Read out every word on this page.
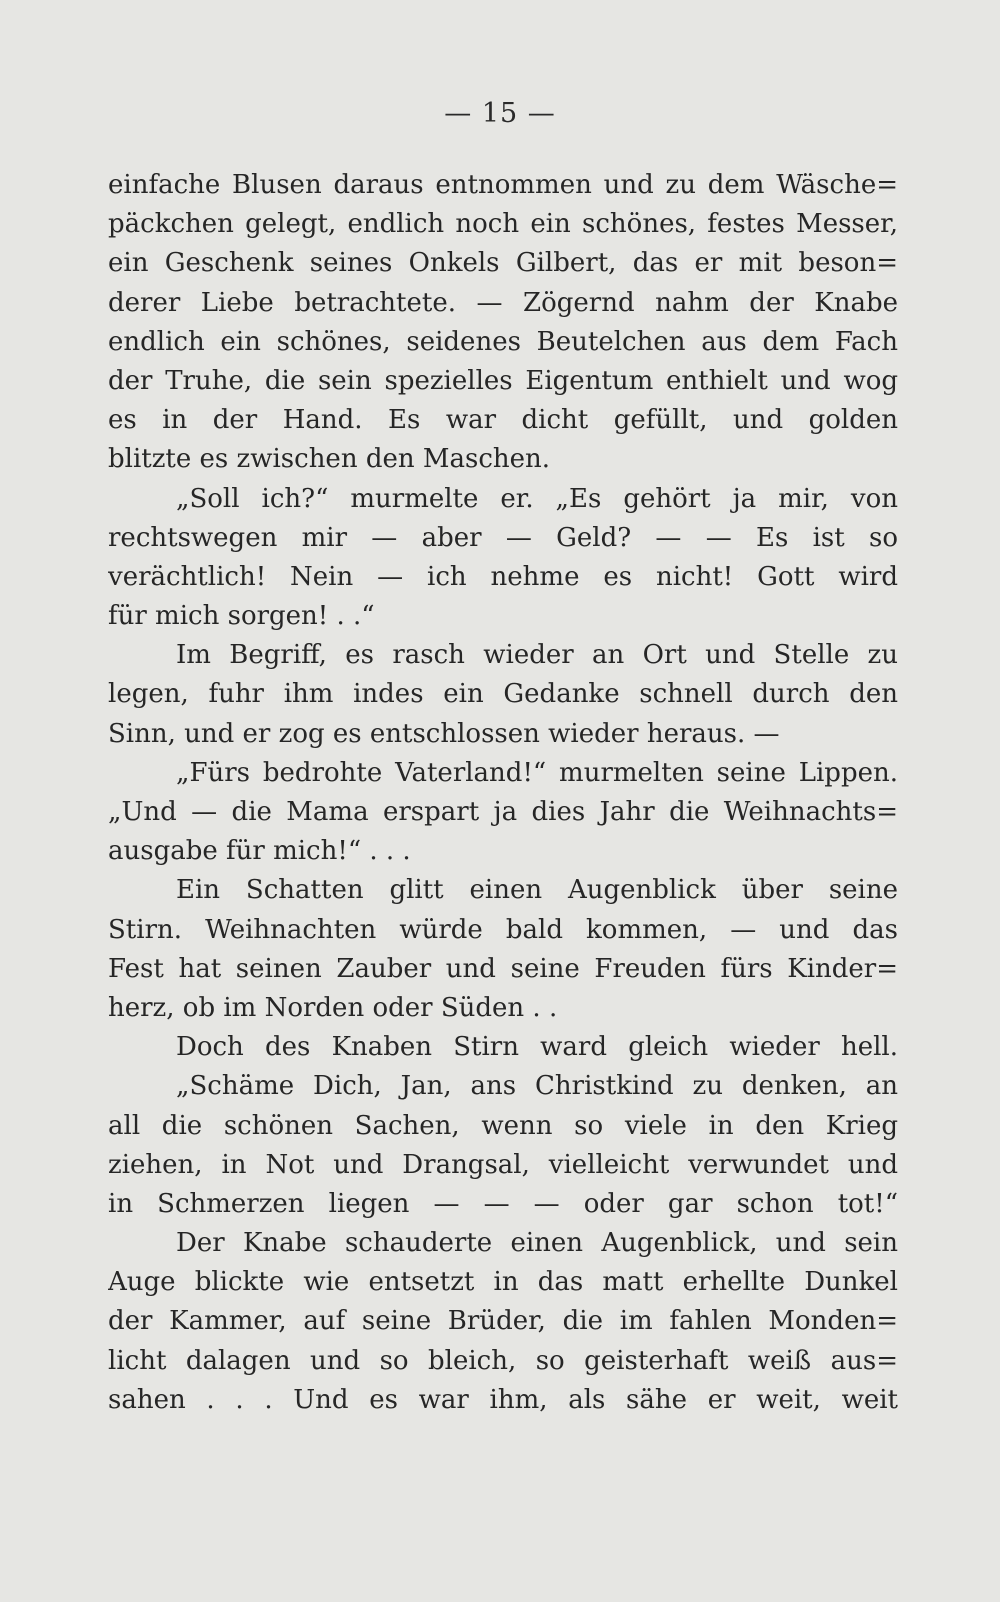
— 15 —
einfache Blusen daraus entnommen und zu dem Wäsche=
päckchen gelegt, endlich noch ein schönes, festes Messer,
ein Geschenk seines Onkels Gilbert, das er mit beson=
derer Liebe betrachtete. — Zögernd nahm der Knabe
endlich ein schönes, seidenes Beutelchen aus dem Fach
der Truhe, die sein spezielles Eigentum enthielt und wog
es in der Hand. Es war dicht gefüllt, und golden
blitzte es zwischen den Maschen.
„Soll ich?“ murmelte er. „Es gehört ja mir, von
rechtswegen mir — aber — Geld? — — Es ist so
verächtlich! Nein — ich nehme es nicht! Gott wird
für mich sorgen! . .“
Im Begriff, es rasch wieder an Ort und Stelle zu
legen, fuhr ihm indes ein Gedanke schnell durch den
Sinn, und er zog es entschlossen wieder heraus. —
„Fürs bedrohte Vaterland!“ murmelten seine Lippen.
„Und — die Mama erspart ja dies Jahr die Weihnachts=
ausgabe für mich!“ . . .
Ein Schatten glitt einen Augenblick über seine
Stirn. Weihnachten würde bald kommen, — und das
Fest hat seinen Zauber und seine Freuden fürs Kinder=
herz, ob im Norden oder Süden . .
Doch des Knaben Stirn ward gleich wieder hell.
„Schäme Dich, Jan, ans Christkind zu denken, an
all die schönen Sachen, wenn so viele in den Krieg
ziehen, in Not und Drangsal, vielleicht verwundet und
in Schmerzen liegen — — — oder gar schon tot!“
Der Knabe schauderte einen Augenblick, und sein
Auge blickte wie entsetzt in das matt erhellte Dunkel
der Kammer, auf seine Brüder, die im fahlen Monden=
licht dalagen und so bleich, so geisterhaft weiß aus=
sahen . . . Und es war ihm, als sähe er weit, weit
